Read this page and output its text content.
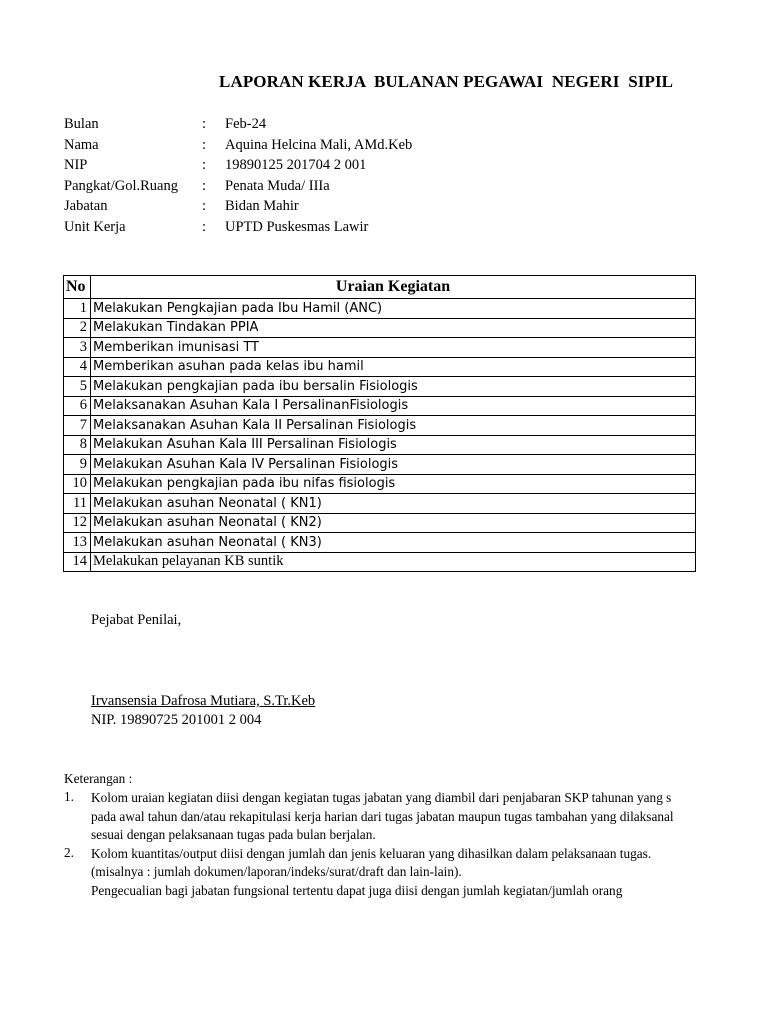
LAPORAN KERJA  BULANAN PEGAWAI  NEGERI  SIPIL
Bulan	: Feb-24
Nama	: Aquina Helcina Mali, AMd.Keb
NIP	: 19890125 201704 2 001
Pangkat/Gol.Ruang : Penata Muda/ IIIa
Jabatan	: Bidan Mahir
Unit Kerja	: UPTD Puskesmas Lawir
No	Uraian Kegiatan
1	Melakukan Pengkajian pada Ibu Hamil (ANC)
2	Melakukan Tindakan PPIA
3	Memberikan imunisasi TT
4	Memberikan asuhan pada kelas ibu hamil
5	Melakukan pengkajian pada ibu bersalin Fisiologis
6	Melaksanakan Asuhan Kala I PersalinanFisiologis
7	Melaksanakan Asuhan Kala II Persalinan Fisiologis
8	Melakukan Asuhan Kala III Persalinan Fisiologis
9	Melakukan Asuhan Kala IV Persalinan Fisiologis
10	Melakukan pengkajian pada ibu nifas fisiologis
11	Melakukan asuhan Neonatal ( KN1)
12	Melakukan asuhan Neonatal ( KN2)
13	Melakukan asuhan Neonatal ( KN3)
14	Melakukan pelayanan KB suntik
Pejabat Penilai,
Irvansensia Dafrosa Mutiara, S.Tr.Keb
NIP. 19890725 201001 2 004
Keterangan :
1. Kolom uraian kegiatan diisi dengan kegiatan tugas jabatan yang diambil dari penjabaran SKP tahunan yang s
pada awal tahun dan/atau rekapitulasi kerja harian dari tugas jabatan maupun tugas tambahan yang dilaksanal
sesuai dengan pelaksanaan tugas pada bulan berjalan.
2. Kolom kuantitas/output diisi dengan jumlah dan jenis keluaran yang dihasilkan dalam pelaksanaan tugas.
(misalnya : jumlah dokumen/laporan/indeks/surat/draft dan lain-lain).
Pengecualian bagi jabatan fungsional tertentu dapat juga diisi dengan jumlah kegiatan/jumlah orang
